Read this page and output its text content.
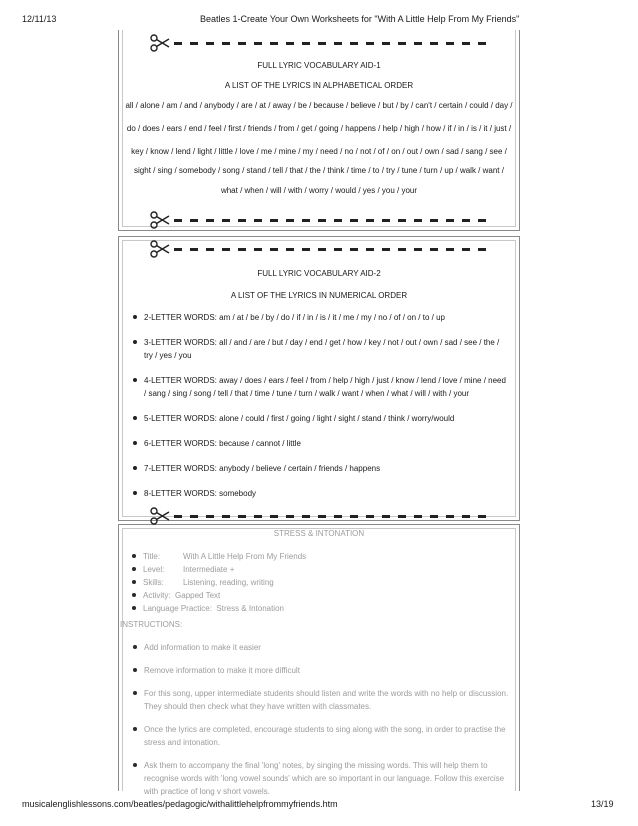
12/11/13	Beatles 1-Create Your Own Worksheets for "With A Little Help From My Friends"
musicalenglishlessons.com/beatles/pedagogic/withalittlehelpfrommyfriends.htm	13/19
FULL LYRIC VOCABULARY AID-1
A LIST OF THE LYRICS IN ALPHABETICAL ORDER
all / alone / am / and / anybody / are / at / away / be / because / believe / but / by / can't / certain / could / day /
do / does / ears / end / feel / first / friends / from / get / going / happens / help / high / how / if / in / is / it / just /
key / know / lend / light / little / love / me / mine / my / need / no / not / of / on / out / own / sad / sang / see /
sight / sing / somebody / song / stand / tell / that / the / think / time / to / try / tune / turn / up / walk / want /
what / when / will / with / worry / would / yes / you / your
FULL LYRIC VOCABULARY AID-2
A LIST OF THE LYRICS IN NUMERICAL ORDER
2-LETTER WORDS: am / at / be / by / do / if / in / is / it / me / my / no / of / on / to / up
3-LETTER WORDS: all / and / are / but / day / end / get / how / key / not / out / own / sad / see / the /
try / yes / you
4-LETTER WORDS: away / does / ears / feel / from / help / high / just / know / lend / love / mine / need
/ sang / sing / song / tell / that / time / tune / turn / walk / want / when / what / will / with / your
5-LETTER WORDS: alone / could / first / going / light / sight / stand / think / worry/would
6-LETTER WORDS: because / cannot / little
7-LETTER WORDS: anybody / believe / certain / friends / happens
8-LETTER WORDS: somebody
STRESS & INTONATION
Title:	With A Little Help From My Friends
Level: Intermediate +
Skills: Listening, reading, writing
Activity: Gapped Text
Language Practice: Stress & Intonation
INSTRUCTIONS:
Add information to make it easier
Remove information to make it more difficult
For this song, upper intermediate students should listen and write the words with no help or discussion.
They should then check what they have written with classmates.
Once the lyrics are completed, encourage students to sing along with the song, in order to practise the
stress and intonation.
Ask them to accompany the final 'long' notes, by singing the missing words. This will help them to
recognise words with 'long vowel sounds' which are so important in our language. Follow this exercise
with practice of long v short vowels.
